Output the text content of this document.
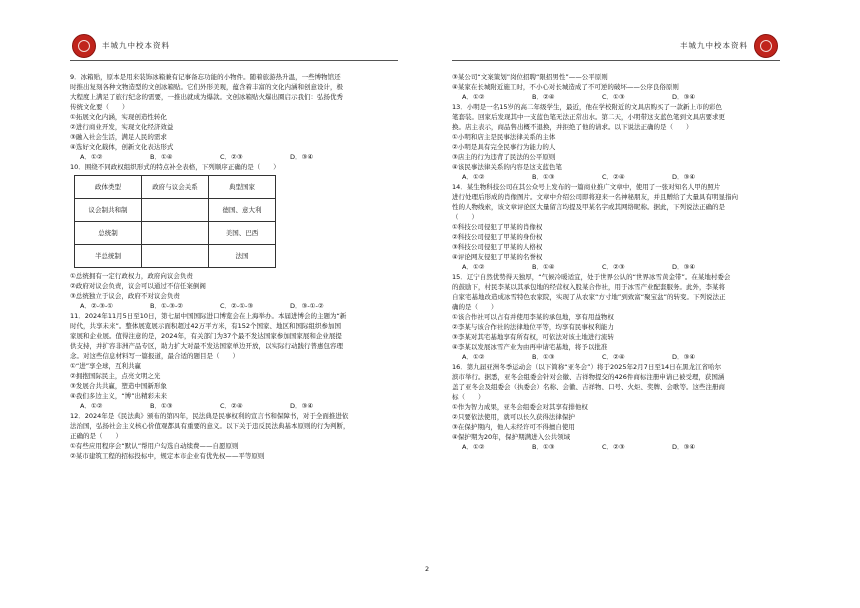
丰城九中校本资料	丰城九中校本资料

9．冰箱贴，原本是用来装饰冰箱兼有记事备忘功能的小物件。随着旅游热升温，一些博物馆还

时推出复刻各种文物造型的文创冰箱贴。它们外形美观，蕴含着丰富的文化内涵和创意设计，极

大程度上满足了旅行纪念的需要，一推出就成为爆款。文创冰箱贴火爆出圈启示我们：弘扬优秀

传统文化要（　　）

①拓展文化内涵，实现创造性转化

②进行商业开发，实现文化经济效益

③融入社会生活，满足人民的需求

④选好文化载体，创新文化表达形式

A．①②	B．①④	C．②③	D．③④

10．围绕不同政权组织形式的特点补全表格，下列顺序正确的是（　　）

政体类型	政府与议会关系	典型国家
议会制共和制		德国、意大利
总统制		美国、巴西
半总统制		法国

①总统拥有一定行政权力，政府向议会负责

②政府对议会负责，议会可以通过不信任案倒阁

③总统独立于议会，政府不对议会负责

A．②-③-①	B．①-③-②	C．②-①-③	D．③-①-②

11．2024年11月5日至10日，第七届中国国际进口博览会在上海举办。本届进博会的主题为“新

时代，共享未来”。整体展览展示面积超过42万平方米，有152个国家、地区和国际组织参加国

家展和企业展。值得注意的是，2024年，有关部门为37个最不发达国家参加国家展和企业展提

供支持，并扩容非洲产品专区，助力扩大对最不发达国家单边开放，以实际行动践行普惠包容理

念。对这些信息材料写一篇报道，最合适的题目是（　　）

①“进”享全球，互利共赢

②拥抱国际民主，点亮文明之光

③发展合共共赢，塑造中国新形象

④我们多边主义，“博”出精彩未来

A．①②	B．①③	C．②④	D．③④

12．2024年是《民法典》颁布的第四年，民法典是民事权利的宣言书和保障书，对于全面推进依

法治国，弘扬社会主义核心价值观都具有重要的意义。以下关于违反民法典基本原则的行为判断，

正确的是（　　）

①有些应用程序会“默认”帮用户勾选自动续费——自愿原则

②某市建筑工程的招标投标中，规定本市企业有优先权——平等原则

③某公司“文案策划”岗位招聘“限招男性”——公平原则

④某家在长城附近施工时，不小心对长城造成了不可逆的破坏——公序良俗原则

A．①②	B．②④	C．①③	D．③④

13．小明是一名15岁的高二年级学生，最近，他在学校附近的文具店购买了一款新上市的彩色

笔套装。回家后发现其中一支蓝色笔无法正常出水。第二天，小明带这支蓝色笔到文具店要求更

换。店主表示，商品售出概不退换，并拒绝了他的请求。以下说法正确的是（　　）

①小明和店主是民事法律关系的主体

②小明是具有完全民事行为能力的人

③店主的行为违背了民法的公平原则

④该民事法律关系的内容是这支蓝色笔

A．①②	B．①③	C．②④	D．③④

14．某生物科技公司在其公众号上发布的一篇商业推广文章中，使用了一张对知名人甲的照片

进行处理后形成的肖像图片。文章中介绍公司即将迎来一名神秘朋友，并且赠给了大量具有明显指向

性的人物线索，该文章评论区大量留言均提及甲某名字或其网络昵称。据此，下列说法正确的是

（　　）

①科技公司侵犯了甲某的肖像权

②科技公司侵犯了甲某的身份权

③科技公司侵犯了甲某的人格权

④评论网友侵犯了甲某的名誉权

A．①②	B．①④	C．②③	D．③④

15．辽宁自然优势得天独厚，“气候冷暖适宜，处于世界公认的“世界冰雪黄金带”。在某地村委会

的鼓励下，村民李某以其承包地的经营权入股某合作社，用于冰雪产业配套服务。此外，李某将

自家宅基地改造成冰雪特色农家院，实现了从农家“方寸地”到致富“聚宝盆”的转变。下列说法正

确的是（　　）

①该合作社可以占有并使用李某的承包地，享有用益物权

②李某与该合作社的法律地位平等，均享有民事权利能力

③李某对其宅基地享有所有权，可依法对该土地进行流转

④李某以发展冰雪产业为由再申请宅基地，将予以批准

A．①②	B．①③	C．②④	D．③④

16．第九届亚洲冬季运动会（以下简称“亚冬会”）将于2025年2月7日至14日在黑龙江省哈尔

滨市举行。据悉，亚冬会组委会针对会徽、吉祥物提交的426件商标注册申请已被受理，获国涵

盖了亚冬会及组委会（执委会）名称、会徽、吉祥物、口号、火炬、奖牌、会歌等。这些注册商

标（　　）

①作为智力成果，亚冬会组委会对其享有排他权

②只要依法使用，就可以长久获得法律保护

③在保护期内，他人未经许可不得擅自使用

④保护期为20年，保护期满进入公共领域

A．①②	B．①③	C．②③	D．③④
2
